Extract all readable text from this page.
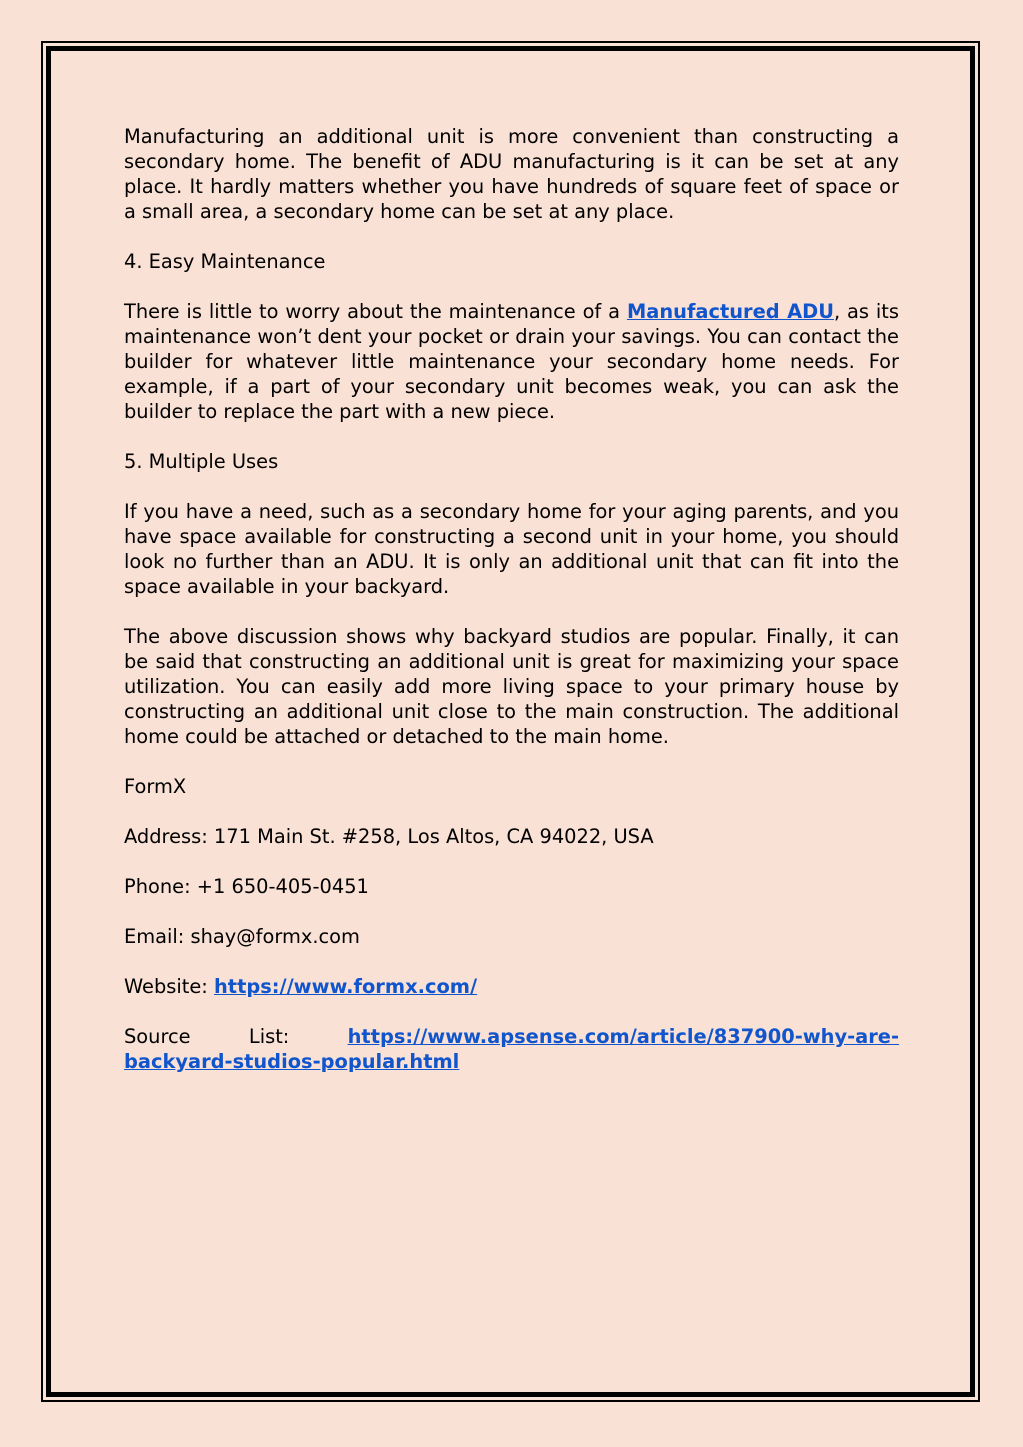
Manufacturing an additional unit is more convenient than constructing a secondary home. The benefit of ADU manufacturing is it can be set at any place. It hardly matters whether you have hundreds of square feet of space or a small area, a secondary home can be set at any place.

4. Easy Maintenance

There is little to worry about the maintenance of a Manufactured ADU, as its maintenance won’t dent your pocket or drain your savings. You can contact the builder for whatever little maintenance your secondary home needs. For example, if a part of your secondary unit becomes weak, you can ask the builder to replace the part with a new piece.

5. Multiple Uses

If you have a need, such as a secondary home for your aging parents, and you have space available for constructing a second unit in your home, you should look no further than an ADU. It is only an additional unit that can fit into the space available in your backyard.

The above discussion shows why backyard studios are popular. Finally, it can be said that constructing an additional unit is great for maximizing your space utilization. You can easily add more living space to your primary house by constructing an additional unit close to the main construction. The additional home could be attached or detached to the main home.

FormX

Address: 171 Main St. #258, Los Altos, CA 94022, USA

Phone: +1 650-405-0451

Email: shay@formx.com

Website: https://www.formx.com/

Source List: https://www.apsense.com/article/837900-why-are-backyard-studios-popular.html
